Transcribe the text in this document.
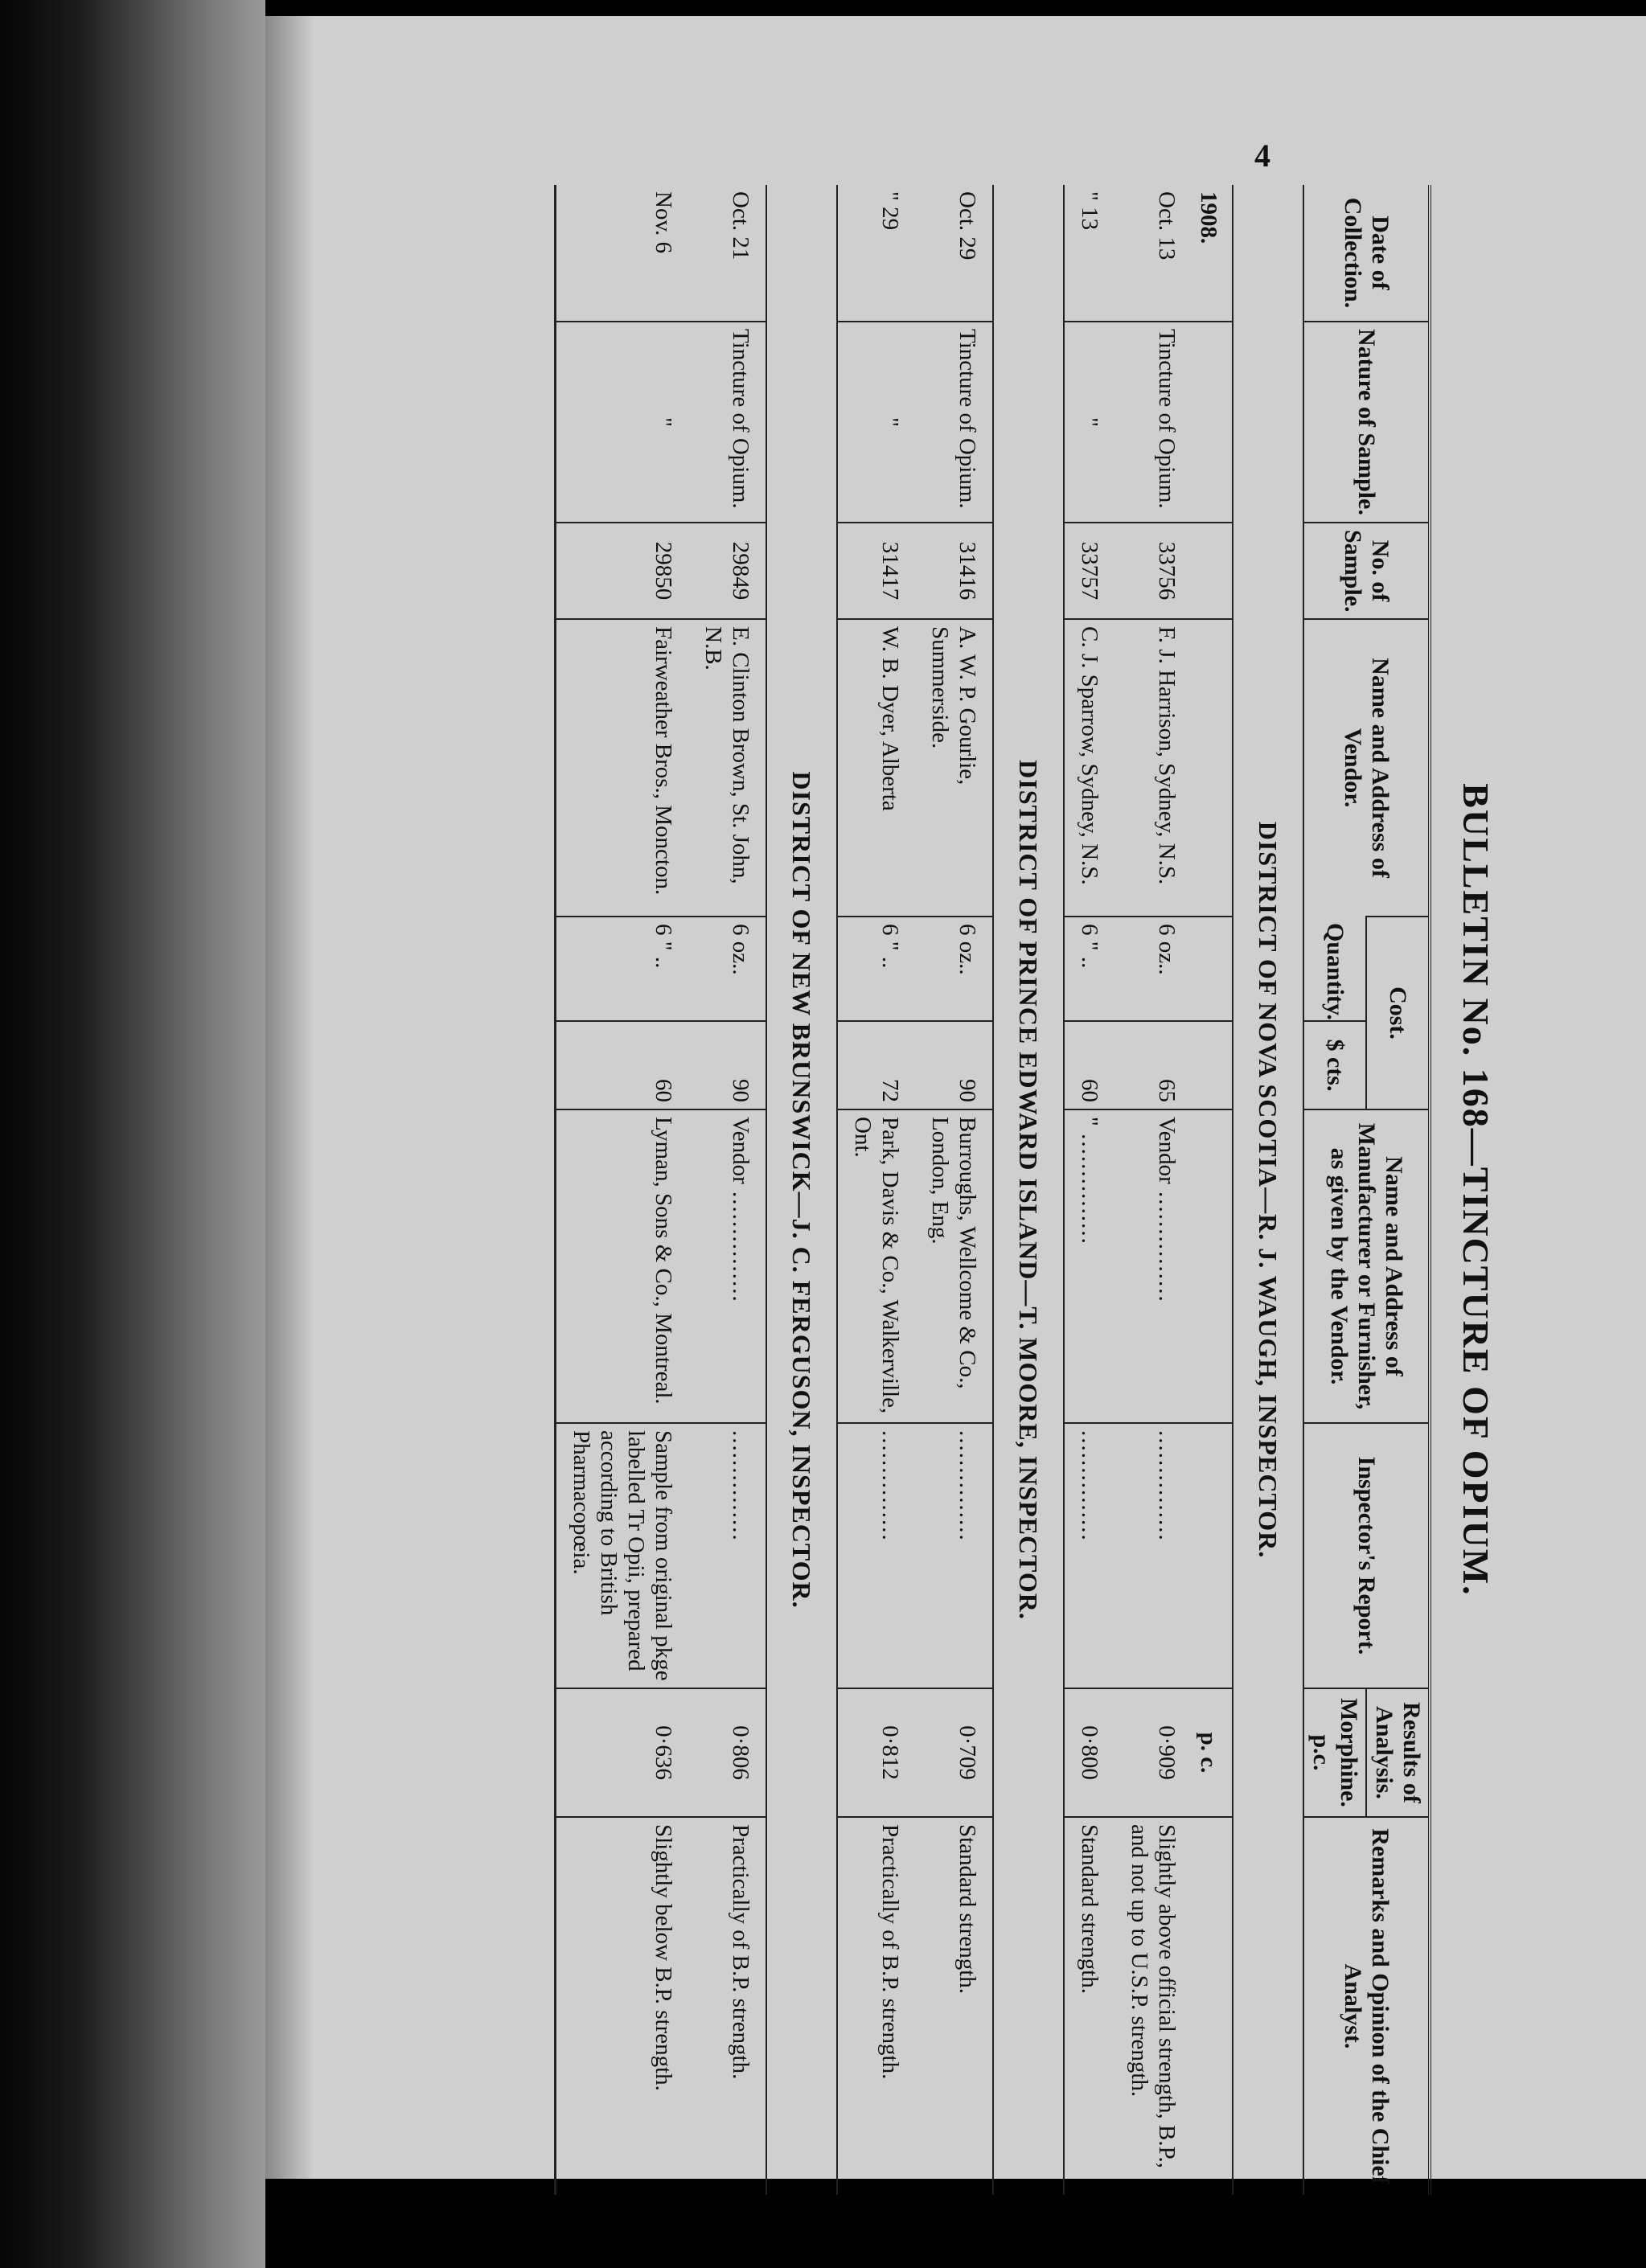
4
BULLETIN No. 168—TINCTURE OF OPIUM.
Date of Collection.	Nature of Sample.	No. of Sample.	Name and Address of Vendor.	Cost.		Name and Address of Manufacturer or Furnisher, as given by the Vendor.	Inspector's Report.	Results of Analysis.	Remarks and Opinion of the Chief Analyst.
				Quantity.	$ cts.			Morphine. p.c.	
DISTRICT OF NOVA SCOTIA—R. J. WAUGH, INSPECTOR.									
1908.								p. c.	
Oct. 13	Tincture of Opium.	33756	F. J. Harrison, Sydney, N.S.	6 oz..	65	Vendor .....	.....	0·909	Slightly above official strength, B.P., and not up to U.S.P. strength.
" 13	"	33757	C. J. Sparrow, Sydney, N.S.	6 " ..	60	" .....	.....	0·800	Standard strength.
DISTRICT OF PRINCE EDWARD ISLAND—T. MOORE, INSPECTOR.									
Oct. 29	Tincture of Opium.	31416	A. W. P. Gourlie, Summerside.	6 oz..	90	Burroughs, Wellcome & Co., London, Eng.	.....	0·709	Standard strength.
" 29	"	31417	W. B. Dyer, Alberta	6 " ..	72	Park, Davis & Co., Walkerville, Ont.	.....	0·812	Practically of B.P. strength.
DISTRICT OF NEW BRUNSWICK—J. C. FERGUSON, INSPECTOR.									
Oct. 21	Tincture of Opium.	29849	E. Clinton Brown, St. John, N.B.	6 oz..	90	Vendor .....	.....	0·806	Practically of B.P. strength.
Nov. 6	"	29850	Fairweather Bros., Moncton.	6 " ..	60	Lyman, Sons & Co., Montreal.	Sample from original pkge labelled Tr Opii, prepared according to British Pharmacopœia.	0·636	Slightly below B.P. strength.
